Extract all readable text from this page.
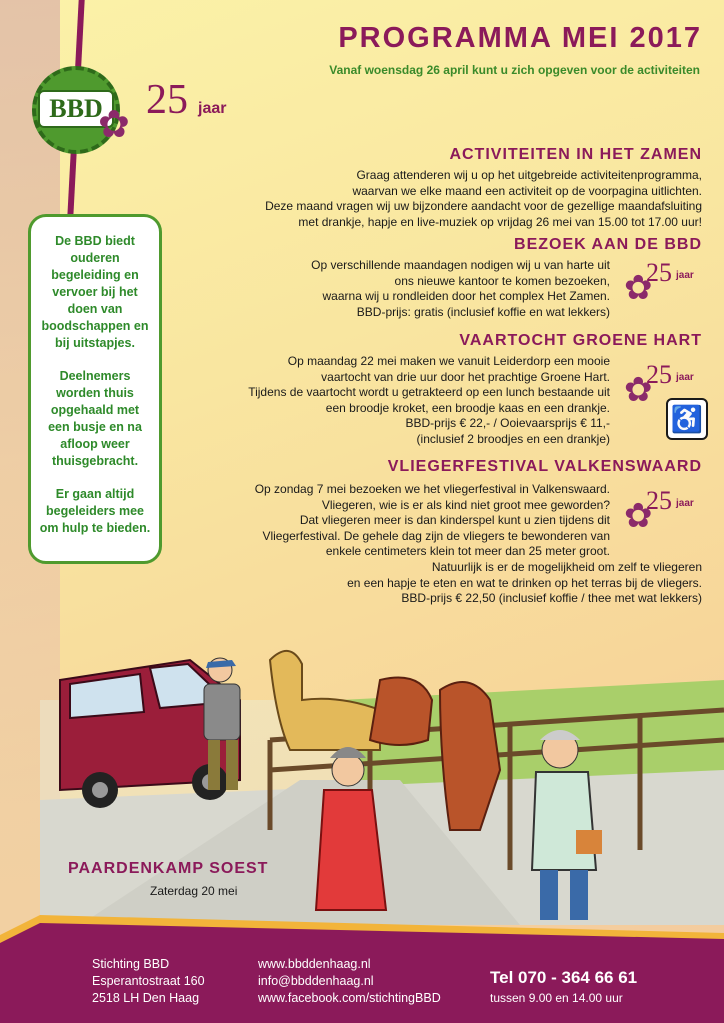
PROGRAMMA MEI 2017

Vanaf woensdag 26 april kunt u zich opgeven voor de activiteiten

BBD
✿
25 jaar

De BBD biedt ouderen begeleiding en vervoer bij het doen van boodschappen en bij uitstapjes.

Deelnemers worden thuis opgehaald met een busje en na afloop weer thuisgebracht.

Er gaan altijd begeleiders mee om hulp te bieden.

ACTIVITEITEN IN HET ZAMEN

Graag attenderen wij u op het uitgebreide activiteitenprogramma,

waarvan we elke maand een activiteit op de voorpagina uitlichten.

Deze maand vragen wij uw bijzondere aandacht voor de gezellige maandafsluiting

met drankje, hapje en live-muziek op vrijdag 26 mei van 15.00 tot 17.00 uur!

BEZOEK AAN DE BBD

Op verschillende maandagen nodigen wij u van harte uit

ons nieuwe kantoor te komen bezoeken,

waarna wij u rondleiden door het complex Het Zamen.

BBD-prijs: gratis (inclusief koffie en wat lekkers)

✿
25 jaar
VAARTOCHT GROENE HART

Op maandag 22 mei maken we vanuit Leiderdorp een mooie

vaartocht van drie uur door het prachtige Groene Hart.

Tijdens de vaartocht wordt u getrakteerd op een lunch bestaande uit

een broodje kroket, een broodje kaas en een drankje.

BBD-prijs € 22,- / Ooievaarsprijs € 11,-

(inclusief 2 broodjes en een drankje)

✿
25 jaar
♿
VLIEGERFESTIVAL VALKENSWAARD

Op zondag 7 mei bezoeken we het vliegerfestival in Valkenswaard.

Vliegeren, wie is er als kind niet groot mee geworden?

Dat vliegeren meer is dan kinderspel kunt u zien tijdens dit

Vliegerfestival. De gehele dag zijn de vliegers te bewonderen van

enkele centimeters klein tot meer dan 25 meter groot.

Natuurlijk is er de mogelijkheid om zelf te vliegeren

en een hapje te eten en wat te drinken op het terras bij de vliegers.

BBD-prijs € 22,50 (inclusief koffie / thee met wat lekkers)

✿
25 jaar
PAARDENKAMP SOEST

Zaterdag 20 mei

Stichting BBD
Esperantostraat 160
2518 LH Den Haag
www.bbddenhaag.nl
info@bbddenhaag.nl
www.facebook.com/stichtingBBD
Tel 070 - 364 66 61
tussen 9.00 en 14.00 uur
